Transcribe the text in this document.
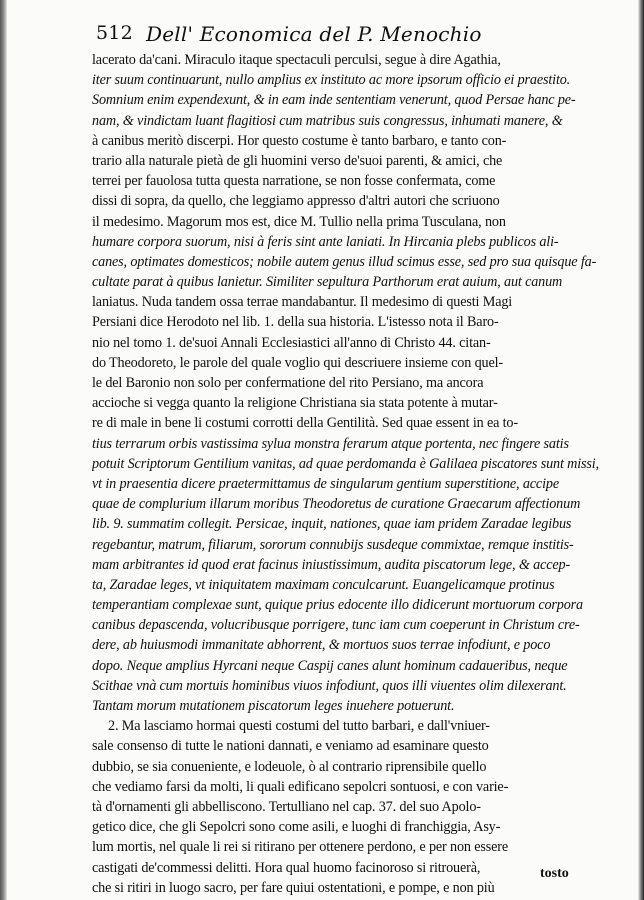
512 Dell' Economica del P. Menochio
lacerato da'cani. Miraculo itaque spectaculi perculsi, segue à dire Agathia,
iter suum continuarunt, nullo amplius ex instituto ac more ipsorum officio ei praestito.
Somnium enim expendexunt, & in eam inde sententiam venerunt, quod Persae hanc pe-
nam, & vindictam luant flagitiosi cum matribus suis congressus, inhumati manere, &
à canibus meritò discerpi. Hor questo costume è tanto barbaro, e tanto con-
trario alla naturale pietà de gli huomini verso de'suoi parenti, & amici, che
terrei per fauolosa tutta questa narratione, se non fosse confermata, come
dissi di sopra, da quello, che leggiamo appresso d'altri autori che scriuono
il medesimo. Magorum mos est, dice M. Tullio nella prima Tusculana, non
humare corpora suorum, nisi à feris sint ante laniati. In Hircania plebs publicos ali-
canes, optimates domesticos; nobile autem genus illud scimus esse, sed pro sua quisque fa-
cultate parat à quibus lanietur. Similiter sepultura Parthorum erat auium, aut canum
laniatus. Nuda tandem ossa terrae mandabantur. Il medesimo di questi Magi
Persiani dice Herodoto nel lib. 1. della sua historia. L'istesso nota il Baro-
nio nel tomo 1. de'suoi Annali Ecclesiastici all'anno di Christo 44. citan-
do Theodoreto, le parole del quale voglio qui descriuere insieme con quel-
le del Baronio non solo per confermatione del rito Persiano, ma ancora
accioche si vegga quanto la religione Christiana sia stata potente à mutar-
re di male in bene li costumi corrotti della Gentilità. Sed quae essent in ea to-
tius terrarum orbis vastissima sylua monstra ferarum atque portenta, nec fingere satis
potuit Scriptorum Gentilium vanitas, ad quae perdomanda è Galilaea piscatores sunt missi,
vt in praesentia dicere praetermittamus de singularum gentium superstitione, accipe
quae de complurium illarum moribus Theodoretus de curatione Graecarum affectionum
lib. 9. summatim collegit. Persicae, inquit, nationes, quae iam pridem Zaradae legibus
regebantur, matrum, filiarum, sororum connubijs susdeque commixtae, remque institis-
mam arbitrantes id quod erat facinus iniustissimum, audita piscatorum lege, & accep-
ta, Zaradae leges, vt iniquitatem maximam conculcarunt. Euangelicamque protinus
temperantiam complexae sunt, quique prius edocente illo didicerunt mortuorum corpora
canibus depascenda, volucribusque porrigere, tunc iam cum coeperunt in Christum cre-
dere, ab huiusmodi immanitate abhorrent, & mortuos suos terrae infodiunt, e poco
dopo. Neque amplius Hyrcani neque Caspij canes alunt hominum cadaueribus, neque
Scithae vnà cum mortuis hominibus viuos infodiunt, quos illi viuentes olim dilexerant.
Tantam morum mutationem piscatorum leges inuehere potuerunt.
2. Ma lasciamo hormai questi costumi del tutto barbari, e dall'vniuer-
sale consenso di tutte le nationi dannati, e veniamo ad esaminare questo
dubbio, se sia conueniente, e lodeuole, ò al contrario riprensibile quello
che vediamo farsi da molti, li quali edificano sepolcri sontuosi, e con varie-
tà d'ornamenti gli abbelliscono. Tertulliano nel cap. 37. del suo Apolo-
getico dice, che gli Sepolcri sono come asili, e luoghi di franchiggia, Asy-
lum mortis, nel quale li rei si ritirano per ottenere perdono, e per non essere
castigati de'commessi delitti. Hora qual huomo facinoroso si ritrouerà,
che si ritiri in luogo sacro, per fare quiui ostentationi, e pompe, e non più
tosto
